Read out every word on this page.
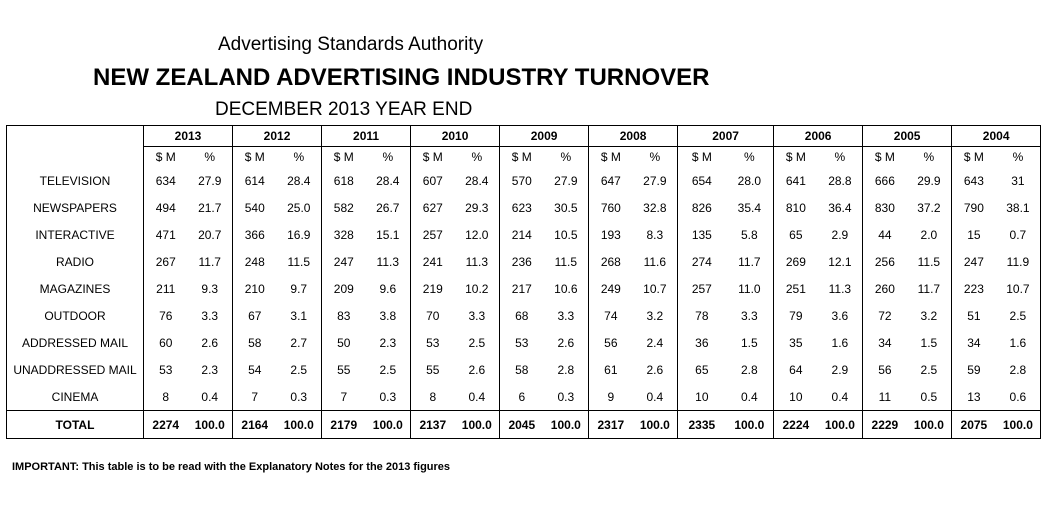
Advertising Standards Authority
NEW ZEALAND ADVERTISING INDUSTRY TURNOVER
DECEMBER 2013 YEAR END
	2013		2012		2011		2010		2009		2008		2007		2006		2005		2004	
	$ M	%	$ M	%	$ M	%	$ M	%	$ M	%	$ M	%	$ M	%	$ M	%	$ M	%	$ M	%
TELEVISION	634	27.9	614	28.4	618	28.4	607	28.4	570	27.9	647	27.9	654	28.0	641	28.8	666	29.9	643	31
NEWSPAPERS	494	21.7	540	25.0	582	26.7	627	29.3	623	30.5	760	32.8	826	35.4	810	36.4	830	37.2	790	38.1
INTERACTIVE	471	20.7	366	16.9	328	15.1	257	12.0	214	10.5	193	8.3	135	5.8	65	2.9	44	2.0	15	0.7
RADIO	267	11.7	248	11.5	247	11.3	241	11.3	236	11.5	268	11.6	274	11.7	269	12.1	256	11.5	247	11.9
MAGAZINES	211	9.3	210	9.7	209	9.6	219	10.2	217	10.6	249	10.7	257	11.0	251	11.3	260	11.7	223	10.7
OUTDOOR	76	3.3	67	3.1	83	3.8	70	3.3	68	3.3	74	3.2	78	3.3	79	3.6	72	3.2	51	2.5
ADDRESSED MAIL	60	2.6	58	2.7	50	2.3	53	2.5	53	2.6	56	2.4	36	1.5	35	1.6	34	1.5	34	1.6
UNADDRESSED MAIL	53	2.3	54	2.5	55	2.5	55	2.6	58	2.8	61	2.6	65	2.8	64	2.9	56	2.5	59	2.8
CINEMA	8	0.4	7	0.3	7	0.3	8	0.4	6	0.3	9	0.4	10	0.4	10	0.4	11	0.5	13	0.6
TOTAL	2274	100.0	2164	100.0	2179	100.0	2137	100.0	2045	100.0	2317	100.0	2335	100.0	2224	100.0	2229	100.0	2075	100.0
IMPORTANT: This table is to be read with the Explanatory Notes for the 2013 figures
